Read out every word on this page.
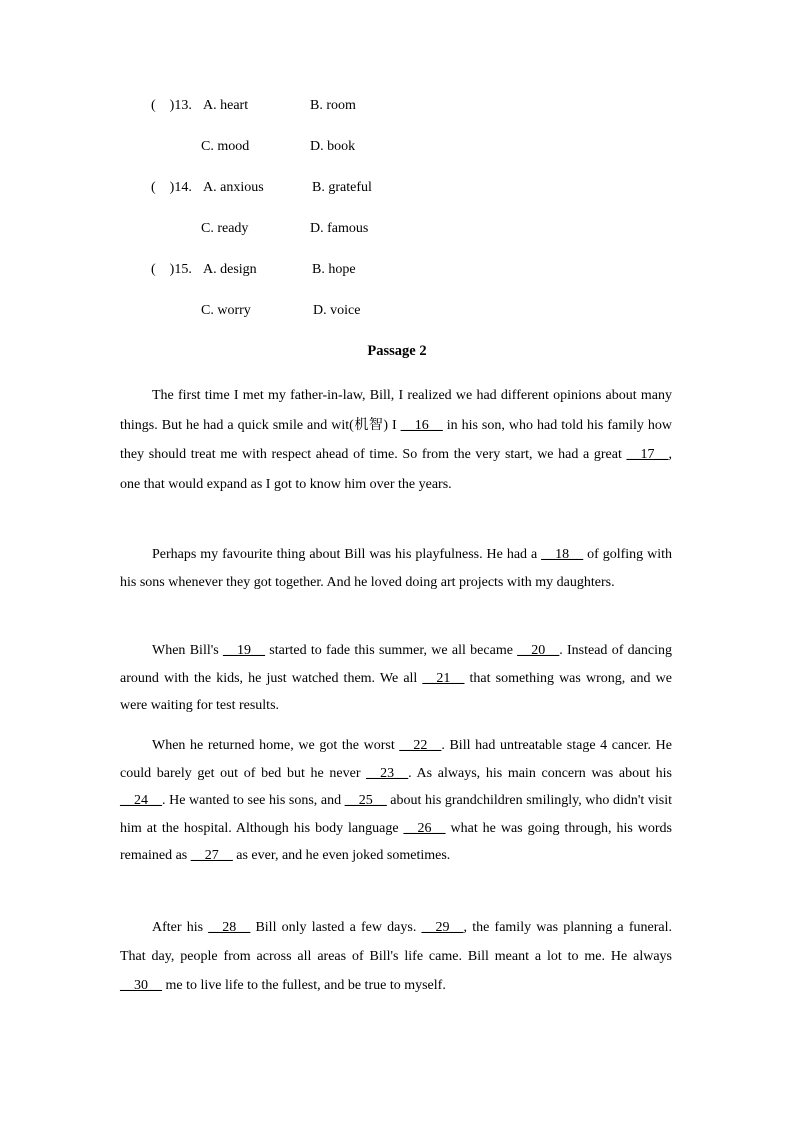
(    )13. A. heart	B. room
C. mood	D. book
(    )14. A. anxious	B. grateful
C. ready	D. famous
(    )15. A. design	B. hope
C. worry	D. voice
Passage 2

The first time I met my father-in-law, Bill, I realized we had different opinions about many things. But he had a quick smile and wit(机智) I __16__ in his son, who had told his family how they should treat me with respect ahead of time. So from the very start, we had a great __17__, one that would expand as I got to know him over the years.

Perhaps my favourite thing about Bill was his playfulness. He had a __18__ of golfing with his sons whenever they got together. And he loved doing art projects with my daughters.

When Bill's __19__ started to fade this summer, we all became __20__. Instead of dancing around with the kids, he just watched them. We all __21__ that something was wrong, and we were waiting for test results.

When he returned home, we got the worst __22__. Bill had untreatable stage 4 cancer. He could barely get out of bed but he never __23__. As always, his main concern was about his __24__. He wanted to see his sons, and __25__ about his grandchildren smilingly, who didn't visit him at the hospital. Although his body language __26__ what he was going through, his words remained as __27__ as ever, and he even joked sometimes.

After his __28__ Bill only lasted a few days. __29__, the family was planning a funeral. That day, people from across all areas of Bill's life came. Bill meant a lot to me. He always __30__ me to live life to the fullest, and be true to myself.
